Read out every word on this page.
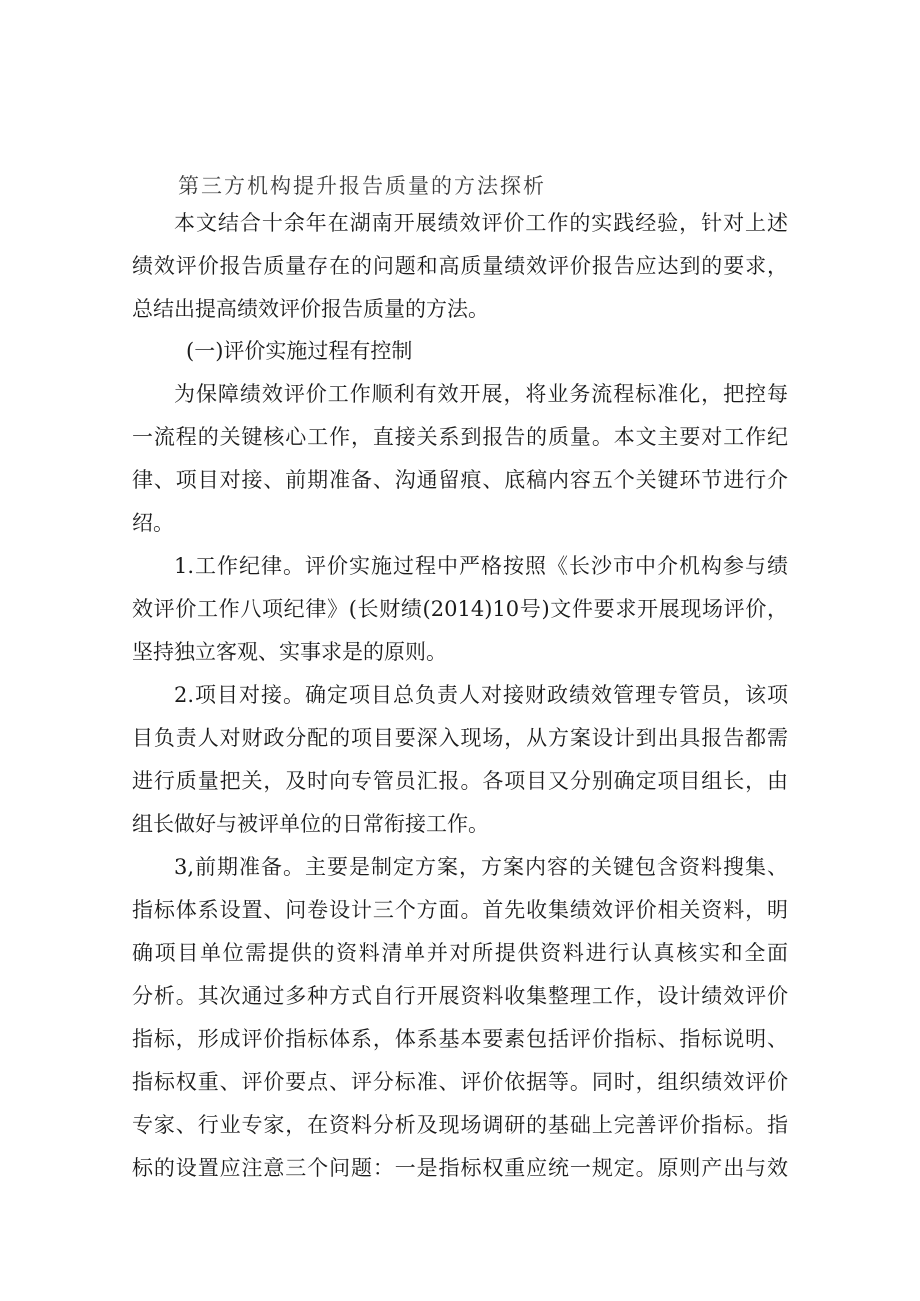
第三方机构提升报告质量的方法探析
本文结合十余年在湖南开展绩效评价工作的实践经验，针对上述
绩效评价报告质量存在的问题和高质量绩效评价报告应达到的要求，
总结出提高绩效评价报告质量的方法。
(一)评价实施过程有控制
为保障绩效评价工作顺利有效开展，将业务流程标准化，把控每
一流程的关键核心工作，直接关系到报告的质量。本文主要对工作纪
律、项目对接、前期准备、沟通留痕、底稿内容五个关键环节进行介
绍。
1.工作纪律。评价实施过程中严格按照《长沙市中介机构参与绩
效评价工作八项纪律》(长财绩(2014)10号)文件要求开展现场评价，
坚持独立客观、实事求是的原则。
2.项目对接。确定项目总负责人对接财政绩效管理专管员，该项
目负责人对财政分配的项目要深入现场，从方案设计到出具报告都需
进行质量把关，及时向专管员汇报。各项目又分别确定项目组长，由
组长做好与被评单位的日常衔接工作。
3,前期准备。主要是制定方案，方案内容的关键包含资料搜集、
指标体系设置、问卷设计三个方面。首先收集绩效评价相关资料，明
确项目单位需提供的资料清单并对所提供资料进行认真核实和全面
分析。其次通过多种方式自行开展资料收集整理工作，设计绩效评价
指标，形成评价指标体系，体系基本要素包括评价指标、指标说明、
指标权重、评价要点、评分标准、评价依据等。同时，组织绩效评价
专家、行业专家，在资料分析及现场调研的基础上完善评价指标。指
标的设置应注意三个问题：一是指标权重应统一规定。原则产出与效
